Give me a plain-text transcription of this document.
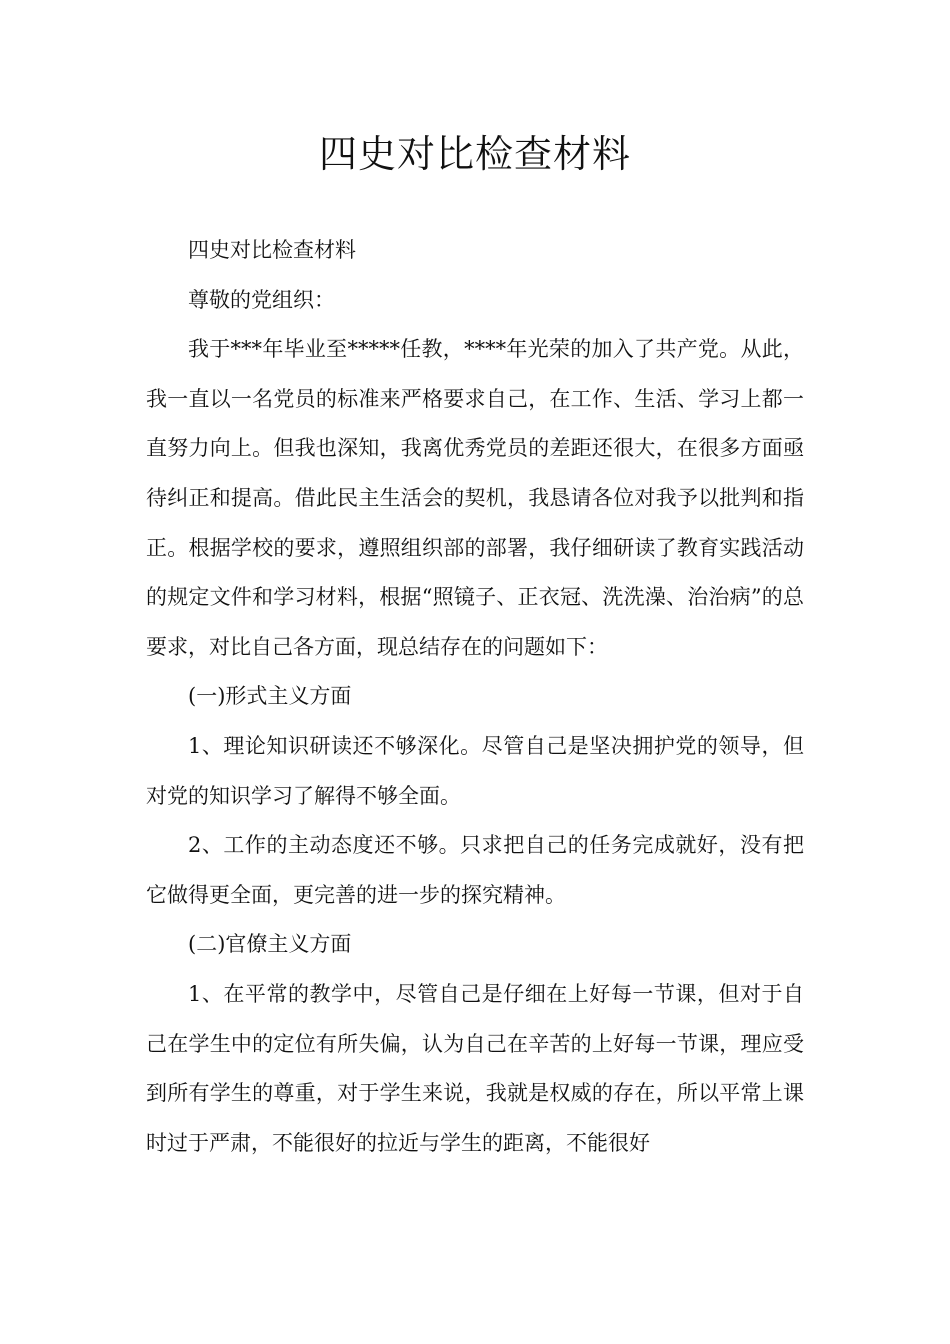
四史对比检查材料

四史对比检查材料

尊敬的党组织：

我于***年毕业至*****任教，****年光荣的加入了共产党。从此，我一直以一名党员的标准来严格要求自己，在工作、生活、学习上都一直努力向上。但我也深知，我离优秀党员的差距还很大，在很多方面亟待纠正和提高。借此民主生活会的契机，我恳请各位对我予以批判和指正。根据学校的要求，遵照组织部的部署，我仔细研读了教育实践活动的规定文件和学习材料，根据“照镜子、正衣冠、洗洗澡、治治病”的总要求，对比自己各方面，现总结存在的问题如下：

(一)形式主义方面

1、理论知识研读还不够深化。尽管自己是坚决拥护党的领导，但对党的知识学习了解得不够全面。

2、工作的主动态度还不够。只求把自己的任务完成就好，没有把它做得更全面，更完善的进一步的探究精神。

(二)官僚主义方面

1、在平常的教学中，尽管自己是仔细在上好每一节课，但对于自己在学生中的定位有所失偏，认为自己在辛苦的上好每一节课，理应受到所有学生的尊重，对于学生来说，我就是权威的存在，所以平常上课时过于严肃，不能很好的拉近与学生的距离，不能很好
